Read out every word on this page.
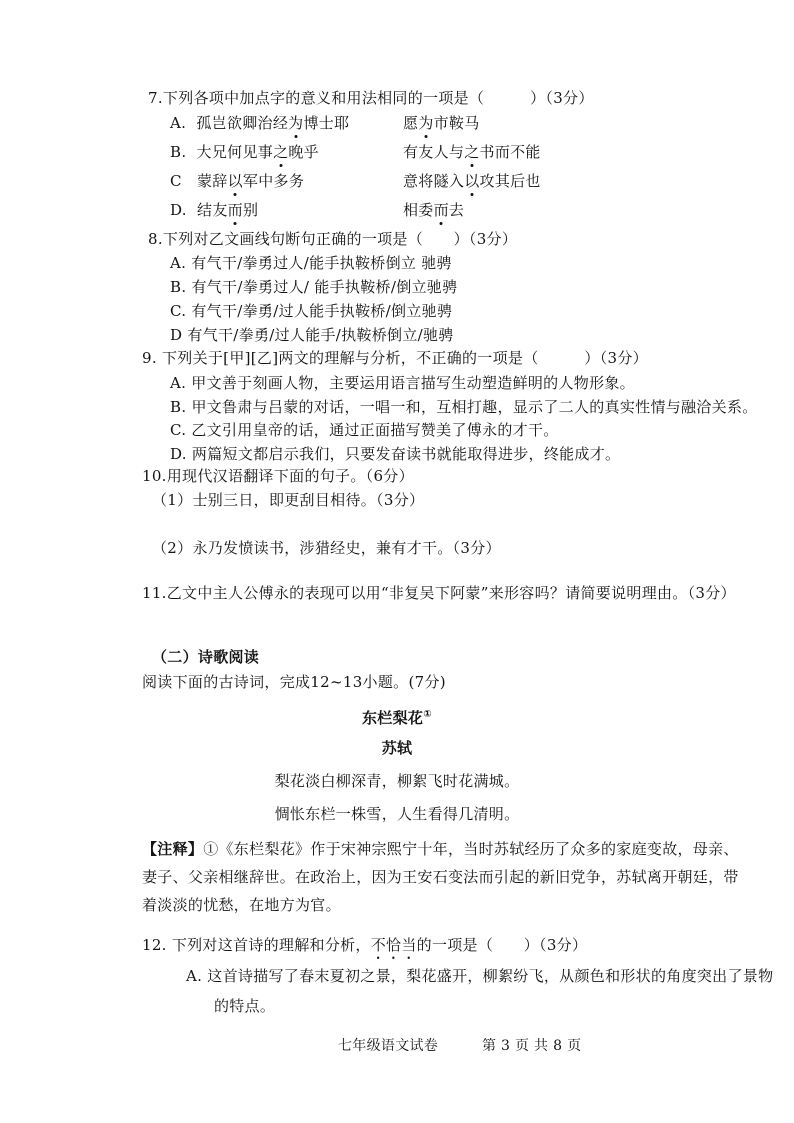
7.下列各项中加点字的意义和用法相同的一项是（　　　）（3分）
A. 孤岂欲卿治经为博士耶	愿为市鞍马
B. 大兄何见事之晚乎	有友人与之书而不能
C 蒙辞以军中多务	意将隧入以攻其后也
D. 结友而别	相委而去
8.下列对乙文画线句断句正确的一项是（　　）（3分）
A. 有气干/拳勇过人/能手执鞍桥倒立 驰骋
B. 有气干/拳勇过人/ 能手执鞍桥/倒立驰骋
C. 有气干/拳勇/过人能手执鞍桥/倒立驰骋
D 有气干/拳勇/过人能手/执鞍桥倒立/驰骋
9. 下列关于[甲][乙]两文的理解与分析，不正确的一项是（　　　）（3分）
A. 甲文善于刻画人物，主要运用语言描写生动塑造鲜明的人物形象。
B. 甲文鲁肃与吕蒙的对话，一唱一和，互相打趣，显示了二人的真实性情与融洽关系。
C. 乙文引用皇帝的话，通过正面描写赞美了傅永的才干。
D. 两篇短文都启示我们，只要发奋读书就能取得进步，终能成才。
10.用现代汉语翻译下面的句子。（6分）
（1）士别三日，即更刮目相待。（3分）
（2）永乃发愤读书，涉猎经史，兼有才干。（3分）
11.乙文中主人公傅永的表现可以用“非复吴下阿蒙”来形容吗？请简要说明理由。（3分）
（二）诗歌阅读
阅读下面的古诗词，完成12~13小题。(7分)
东栏梨花①
苏轼
梨花淡白柳深青，柳絮飞时花满城。
惆怅东栏一株雪，人生看得几清明。
【注释】①《东栏梨花》作于宋神宗熙宁十年，当时苏轼经历了众多的家庭变故，母亲、
妻子、父亲相继辞世。在政治上，因为王安石变法而引起的新旧党争，苏轼离开朝廷，带
着淡淡的忧愁，在地方为官。
12. 下列对这首诗的理解和分析，不恰当的一项是（　　）（3分）
A. 这首诗描写了春末夏初之景，梨花盛开，柳絮纷飞，从颜色和形状的角度突出了景物
的特点。
七年级语文试卷	第 3 页 共 8 页
